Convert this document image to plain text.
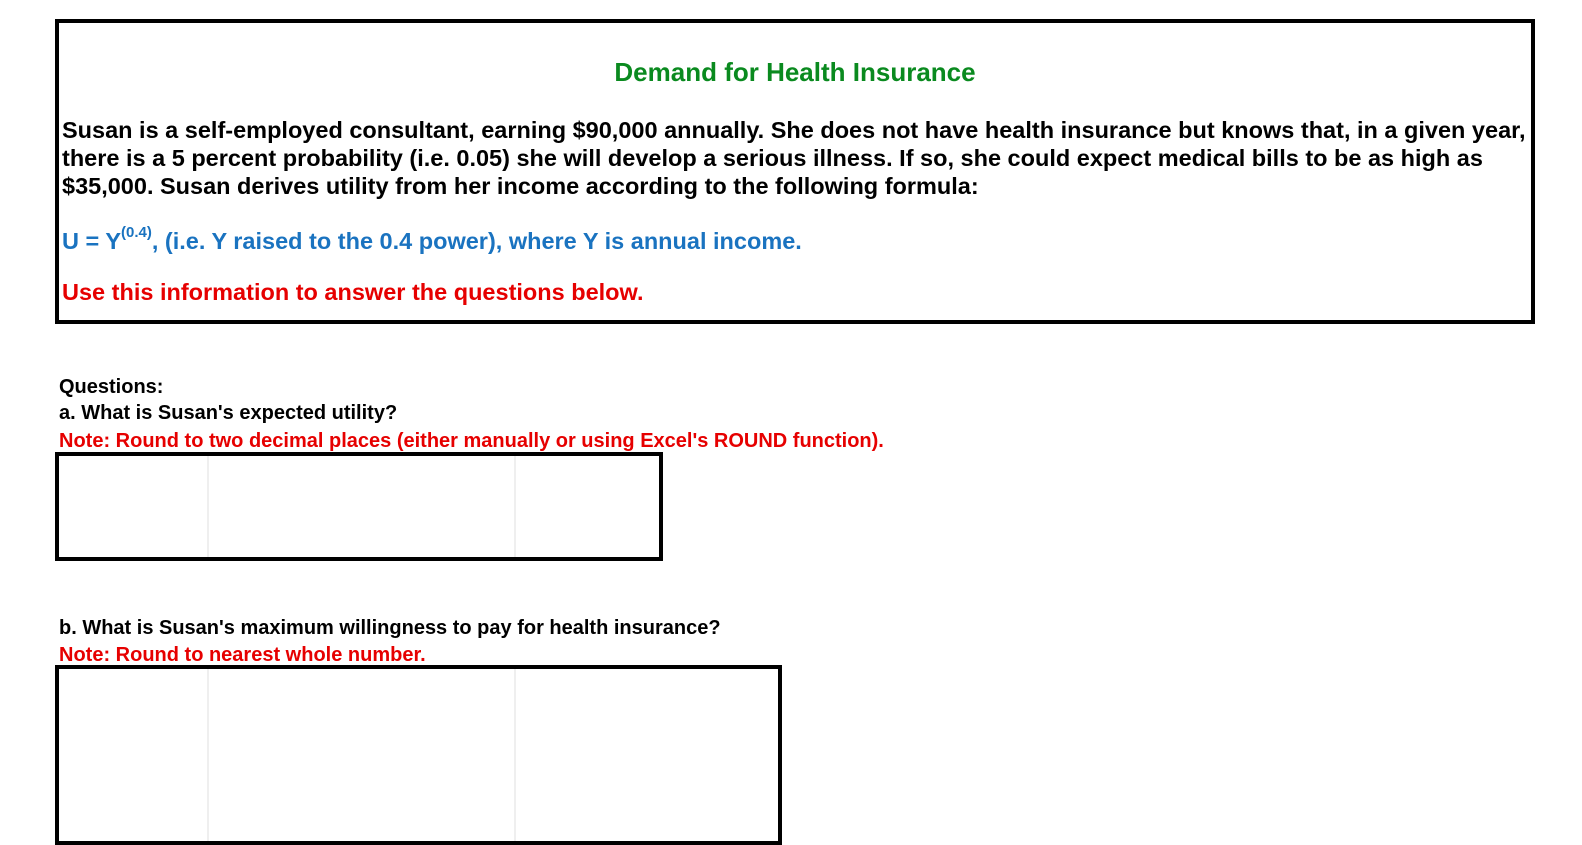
Demand for Health Insurance
Susan is a self-employed consultant, earning $90,000 annually. She does not have health insurance but knows that, in a given year, there is a 5 percent probability (i.e. 0.05) she will develop a serious illness. If so, she could expect medical bills to be as high as $35,000. Susan derives utility from her income according to the following formula:
$U = Y^{(0.4)}$, (i.e. Y raised to the 0.4 power), where Y is annual income.
Use this information to answer the questions below.
Questions:
a. What is Susan's expected utility?
Note: Round to two decimal places (either manually or using Excel's ROUND function).
b. What is Susan's maximum willingness to pay for health insurance?
Note: Round to nearest whole number.
